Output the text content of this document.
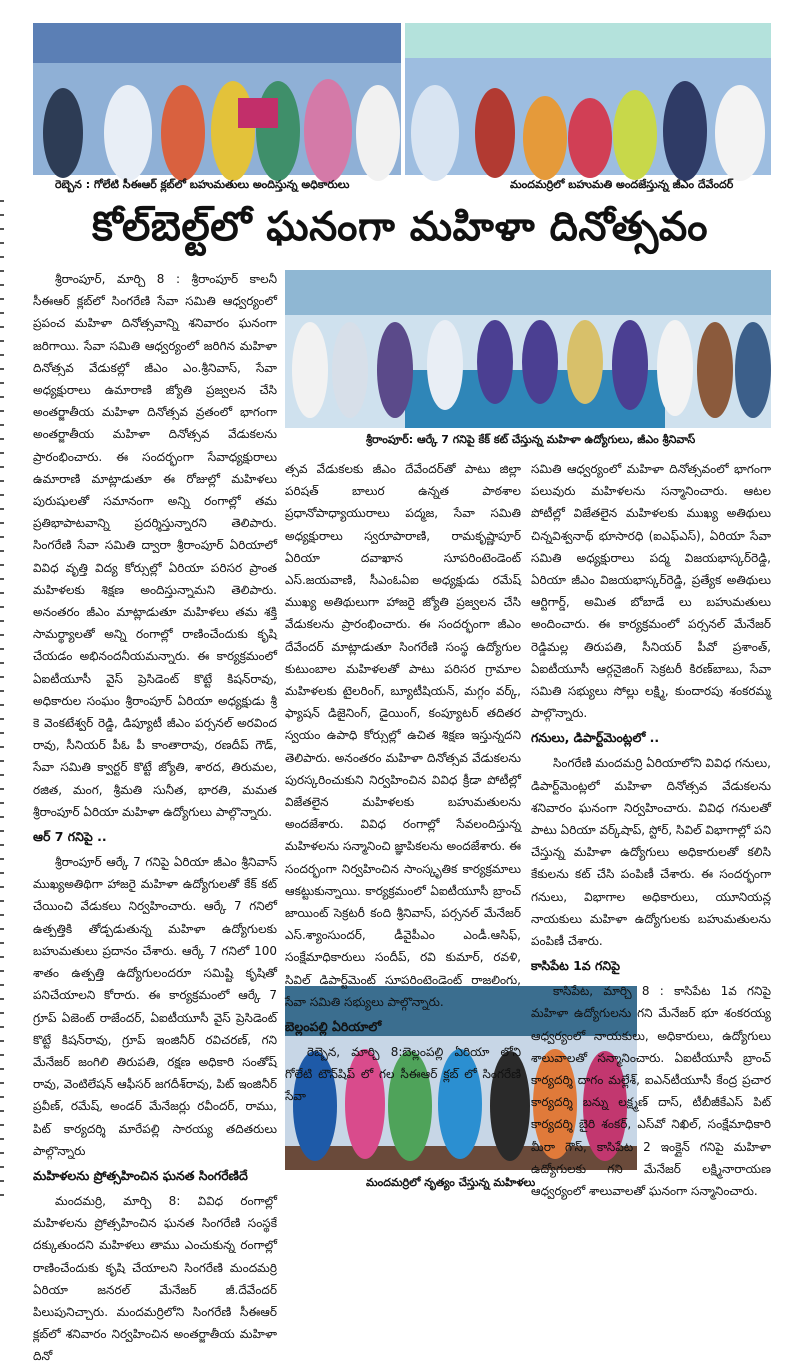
రెబ్బెన : గోలేటి సీఈఆర్ క్లబ్‌లో బహుమతులు అందిస్తున్న అధికారులు	మందమర్రిలో బహుమతి అందజేస్తున్న జీఎం దేవేందర్
కోల్‌బెల్ట్‌లో ఘనంగా మహిళా దినోత్సవం
శ్రీరాంపూర్: ఆర్కే 7 గనిపై కేక్ కట్ చేస్తున్న మహిళా ఉద్యోగులు, జీఎం శ్రీనివాస్
మందమర్రిలో నృత్యం చేస్తున్న మహిళలు

శ్రీరాంపూర్, మార్చి 8 : శ్రీరాంపూర్ కాలనీ సీఈఆర్ క్లబ్‌లో సింగరేణి సేవా సమితి ఆధ్వర్యంలో ప్రపంచ మహిళా దినోత్సవాన్ని శనివారం ఘనంగా జరిగాయి. సేవా సమితి ఆధ్వర్యంలో జరిగిన మహిళా దినోత్సవ వేడుకల్లో జీఎం ఎం.శ్రీనివాస్, సేవా అధ్యక్షురాలు ఉమారాణి జ్యోతి ప్రజ్వలన చేసి అంతర్జాతీయ మహిళా దినోత్సవ వ్రతంలో భాగంగా అంతర్జాతీయ మహిళా దినోత్సవ వేడుకలను ప్రారంభించారు. ఈ సందర్భంగా సేవాధ్యక్షురాలు ఉమారాణి మాట్లాడుతూ ఈ రోజుల్లో మహిళలు పురుషులతో సమానంగా అన్ని రంగాల్లో తమ ప్రతిభాపాటవాన్ని ప్రదర్శిస్తున్నారని తెలిపారు. సింగరేణి సేవా సమితి ద్వారా శ్రీరాంపూర్ ఏరియాలో వివిధ వృత్తి విద్య కోర్సుల్లో ఏరియా పరిసర ప్రాంత మహిళలకు శిక్షణ అందిస్తున్నామని తెలిపారు. అనంతరం జీఎం మాట్లాడుతూ మహిళలు తమ శక్తి సామర్థ్యాలతో అన్ని రంగాల్లో రాణించేందుకు కృషి చేయడం అభినందనీయమన్నారు. ఈ కార్యక్రమంలో ఏఐటీయూసీ వైస్ ప్రెసిడెంట్ కొట్టే కిషన్‌రావు, అధికారుల సంఘం శ్రీరాంపూర్ ఏరియా అధ్యక్షుడు శ్రీ కె వెంకటేశ్వర్ రెడ్డి, డిప్యూటీ జీఎం పర్సనల్ అరవింద రావు, సీనియర్ పీఓ పీ కాంతారావు, రణదీప్ గౌడ్, సేవా సమితి క్వార్టర్ కొట్టే జ్యోతి, శారద, తిరుమల, రజిత, మంగ, శ్రీమతి సునీత, భారతి, మమత శ్రీరాంపూర్ ఏరియా మహిళా ఉద్యోగులు పాల్గొన్నారు.

ఆర్‌ 7 గనిపై ..

శ్రీరాంపూర్ ఆర్కే 7 గనిపై ఏరియా జీఎం శ్రీనివాస్ ముఖ్యఅతిథిగా హాజరై మహిళా ఉద్యోగులతో కేక్ కట్ చేయించి వేడుకలు నిర్వహించారు. ఆర్కే 7 గనిలో ఉత్పత్తికి తోడ్పడుతున్న మహిళా ఉద్యోగులకు బహుమతులు ప్రదానం చేశారు. ఆర్కే 7 గనిలో 100 శాతం ఉత్పత్తి ఉద్యోగులందరూ సమిష్టి కృషితో పనిచేయాలని కోరారు. ఈ కార్యక్రమంలో ఆర్కే 7 గ్రూప్ ఏజెంట్ రాజేందర్, ఏఐటీయూసీ వైస్ ప్రెసిడెంట్ కొట్టే కిషన్‌రావు, గ్రూప్ ఇంజినీర్ రవిచరణ్, గని మేనేజర్ జంగిలి తిరుపతి, రక్షణ అధికారి సంతోష్ రావు, వెంటిలేషన్ ఆఫీసర్ జగదీశ్‌రావు, పిట్ ఇంజినీర్ ప్రవీణ్, రమేష్, అండర్ మేనేజర్లు రవీందర్, రాము, పిట్ కార్యదర్శి మారేపల్లి సారయ్య తదితరులు పాల్గొన్నారు

మహిళలను ప్రోత్సహించిన ఘనత సింగరేణిదే

మందమర్రి, మార్చి 8: వివిధ రంగాల్లో మహిళలను ప్రోత్సహించిన ఘనత సింగరేణి సంస్థకే దక్కుతుందని మహిళలు తాము ఎంచుకున్న రంగాల్లో రాణించేందుకు కృషి చేయాలని సింగరేణి మందమర్రి ఏరియా జనరల్ మేనేజర్ జీ.దేవేందర్ పిలుపునిచ్చారు. మందమర్రిలోని సింగరేణి సీఈఆర్ క్లబ్‌లో శనివారం నిర్వహించిన అంతర్జాతీయ మహిళా దినో

త్సవ వేడుకలకు జీఎం దేవేందర్‌తో పాటు జిల్లా పరిషత్ బాలుర ఉన్నత పాఠశాల ప్రధానోపాధ్యాయురాలు పద్మజ, సేవా సమితి అధ్యక్షురాలు స్వరూపారాణి, రామకృష్ణాపూర్ ఏరియా దవాఖాన సూపరింటెండెంట్ ఎస్.జయవాణి, సీఎంఓఏఐ అధ్యక్షుడు రమేష్ ముఖ్య అతిథులుగా హాజరై జ్యోతి ప్రజ్వలన చేసి వేడుకలను ప్రారంభించారు. ఈ సందర్భంగా జీఎం దేవేందర్ మాట్లాడుతూ సింగరేణి సంస్థ ఉద్యోగుల కుటుంబాల మహిళలతో పాటు పరిసర గ్రామాల మహిళలకు టైలరింగ్, బ్యూటీషియన్, మగ్గం వర్క్, ఫ్యాషన్ డిజైనింగ్, డైయింగ్, కంప్యూటర్ తదితర స్వయం ఉపాధి కోర్సుల్లో ఉచిత శిక్షణ ఇస్తున్నదని తెలిపారు. అనంతరం మహిళా దినోత్సవ వేడుకలను పురస్కరించుకుని నిర్వహించిన వివిధ క్రీడా పోటీల్లో విజేతలైన మహిళలకు బహుమతులను అందజేశారు. వివిధ రంగాల్లో సేవలందిస్తున్న మహిళలను సన్మానించి జ్ఞాపికలను అందజేశారు. ఈ సందర్భంగా నిర్వహించిన సాంస్కృతిక కార్యక్రమాలు ఆకట్టుకున్నాయి. కార్యక్రమంలో ఏఐటీయూసీ బ్రాంచ్ జాయింట్ సెక్రటరీ కంది శ్రీనివాస్, పర్సనల్ మేనేజర్ ఎస్.శ్యాంసుందర్, డీవైపీఎం ఎండీ.ఆసిఫ్, సంక్షేమాధికారులు సందీప్, రవి కుమార్, రవళి, సివిల్ డిపార్ట్‌మెంట్ సూపరింటెండెంట్ రాజలింగు, సేవా సమితి సభ్యులు పాల్గొన్నారు.

బెల్లంపల్లి ఏరియాలో

రెబ్బెన, మార్చి 8:బెల్లంపల్లి ఏరియా లోని గోలేటి టౌన్‌షిప్ లో గల సీఈఆర్ క్లబ్ లో సింగరేణి సేవా

సమితి ఆధ్వర్యంలో మహిళా దినోత్సవంలో భాగంగా పలువురు మహిళలను సన్మానించారు. ఆటల పోటీల్లో విజేతలైన మహిళలకు ముఖ్య అతిథులు చిన్నవిశ్వనాథ్ భూసారధి (ఐఎఫ్ఎస్), ఏరియా సేవా సమితి అధ్యక్షురాలు పద్మ విజయభాస్కర్‌రెడ్డి, ఏరియా జీఎం విజయభాస్కర్‌రెడ్డి, ప్రత్యేక అతిథులు ఆర్టిగార్డ్, అమిత బోబాడే లు బహుమతులు అందించారు. ఈ కార్యక్రమంలో పర్సనల్ మేనేజర్ రెడ్డిమల్ల తిరుపతి, సీనియర్ పీవో ప్రశాంత్, ఏఐటీయూసీ ఆర్గనైజింగ్ సెక్రటరీ కిరణ్‌బాబు, సేవా సమితి సభ్యులు సోల్లు లక్ష్మి, కుందారపు శంకరమ్మ పాల్గొన్నారు.

గనులు, డిపార్ట్‌మెంట్లలో ..

సింగరేణి మందమర్రి ఏరియాలోని వివిధ గనులు, డిపార్ట్‌మెంట్లలో మహిళా దినోత్సవ వేడుకలను శనివారం ఘనంగా నిర్వహించారు. వివిధ గనులతో పాటు ఏరియా వర్క్‌షాప్, స్టోర్, సివిల్ విభాగాల్లో పని చేస్తున్న మహిళా ఉద్యోగులు అధికారులతో కలిసి కేకులను కట్ చేసి పంపిణీ చేశారు. ఈ సందర్భంగా గనులు, విభాగాల అధికారులు, యూనియన్ల నాయకులు మహిళా ఉద్యోగులకు బహుమతులను పంపిణీ చేశారు.

కాసిపేట 1వ గనిపై

కాసిపేట, మార్చి 8 : కాసిపేట 1వ గనిపై మహిళా ఉద్యోగులను గని మేనేజర్ భూ శంకరయ్య ఆధ్వర్యంలో నాయకులు, అధికారులు, ఉద్యోగులు శాలువాలతో సన్మానించారు. ఏఐటీయూసీ బ్రాంచ్ కార్యదర్శి దాగం మల్లేశ్, ఐఎన్‌టీయూసీ కేంద్ర ప్రచార కార్యదర్శి బన్ను లక్ష్మణ్ దాస్, టీబీజీకేఎస్ పిట్ కార్యదర్శి బైరి శంకర్, ఎస్‌వో నిఖిల్, సంక్షేమాధికారి మీరా గౌస్, కాసిపేట 2 ఇంక్లైన్ గనిపై మహిళా ఉద్యోగులకు గని మేనేజర్ లక్ష్మినారాయణ ఆధ్వర్యంలో శాలువాలతో ఘనంగా సన్మానించారు.
